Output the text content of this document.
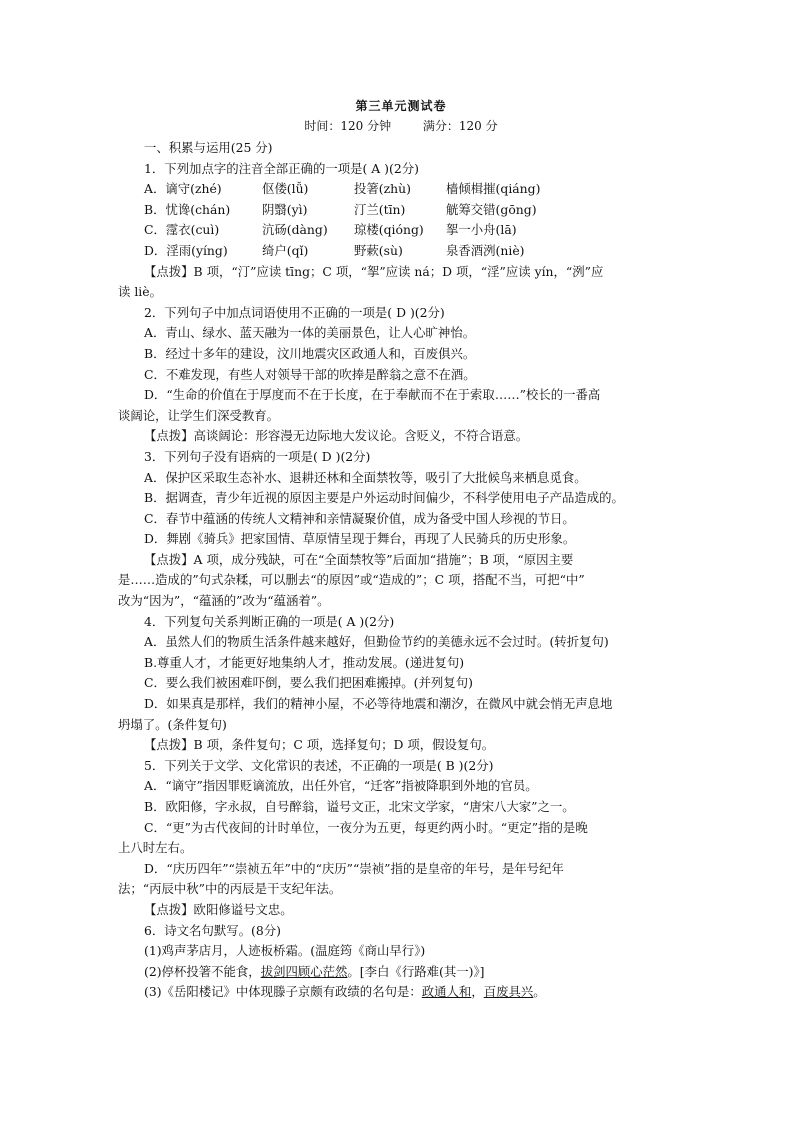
第三单元测试卷
时间：120 分钟	满分：120 分
一、积累与运用(25 分)
1．下列加点字的注音全部正确的一项是( A )(2分)
A．谪守(zhé)	伛偻(lǚ)	投箸(zhù)	樯倾楫摧(qiáng)
B．忧谗(chán)	阴翳(yì)	汀兰(tīn)	觥筹交错(gōng)
C．霪衣(cuì)	沆砀(dàng) 琼楼(qióng) 挐一小舟(lā)
D．淫雨(yíng)	绮户(qǐ)	野蔌(sù)	泉香酒洌(niè)
【点拨】B 项，“汀”应读 tīng；C 项，“挐”应读 ná；D 项，“淫”应读 yín，“洌”应
读 liè。
2．下列句子中加点词语使用不正确的一项是( D )(2分)
A．青山、绿水、蓝天融为一体的美丽景色，让人心旷神怡。
B．经过十多年的建设，汶川地震灾区政通人和，百废俱兴。
C．不难发现，有些人对领导干部的吹捧是醉翁之意不在酒。
D．“生命的价值在于厚度而不在于长度，在于奉献而不在于索取……”校长的一番高
谈阔论，让学生们深受教育。
【点拨】高谈阔论：形容漫无边际地大发议论。含贬义，不符合语意。
3．下列句子没有语病的一项是( D )(2分)
A．保护区采取生态补水、退耕还林和全面禁牧等，吸引了大批候鸟来栖息觅食。
B．据调查，青少年近视的原因主要是户外运动时间偏少，不科学使用电子产品造成的。
C．春节中蕴涵的传统人文精神和亲情凝聚价值，成为备受中国人珍视的节日。
D．舞剧《骑兵》把家国情、草原情呈现于舞台，再现了人民骑兵的历史形象。
【点拨】A 项，成分残缺，可在“全面禁牧等”后面加“措施”；B 项，“原因主要
是……造成的”句式杂糅，可以删去“的原因”或“造成的”；C 项，搭配不当，可把“中”
改为“因为”，“蕴涵的”改为“蕴涵着”。
4．下列复句关系判断正确的一项是( A )(2分)
A．虽然人们的物质生活条件越来越好，但勤俭节约的美德永远不会过时。(转折复句)
B.尊重人才，才能更好地集纳人才，推动发展。(递进复句)
C．要么我们被困难吓倒，要么我们把困难搬掉。(并列复句)
D．如果真是那样，我们的精神小屋，不必等待地震和潮汐，在微风中就会悄无声息地
坍塌了。(条件复句)
【点拨】B 项，条件复句；C 项，选择复句；D 项，假设复句。
5．下列关于文学、文化常识的表述，不正确的一项是( B )(2分)
A．“谪守”指因罪贬谪流放，出任外官，“迁客”指被降职到外地的官员。
B．欧阳修，字永叔，自号醉翁，谥号文正，北宋文学家，“唐宋八大家”之一。
C．“更”为古代夜间的计时单位，一夜分为五更，每更约两小时。“更定”指的是晚
上八时左右。
D．“庆历四年”“崇祯五年”中的“庆历”“崇祯”指的是皇帝的年号，是年号纪年
法；“丙辰中秋”中的丙辰是干支纪年法。
【点拨】欧阳修谥号文忠。
6．诗文名句默写。(8分)
(1)鸡声茅店月，人迹板桥霜。(温庭筠《商山早行》)
(2)停杯投箸不能食，拔剑四顾心茫然。[李白《行路难(其一)》]
(3)《岳阳楼记》中体现滕子京颇有政绩的名句是：政通人和，百废具兴。
